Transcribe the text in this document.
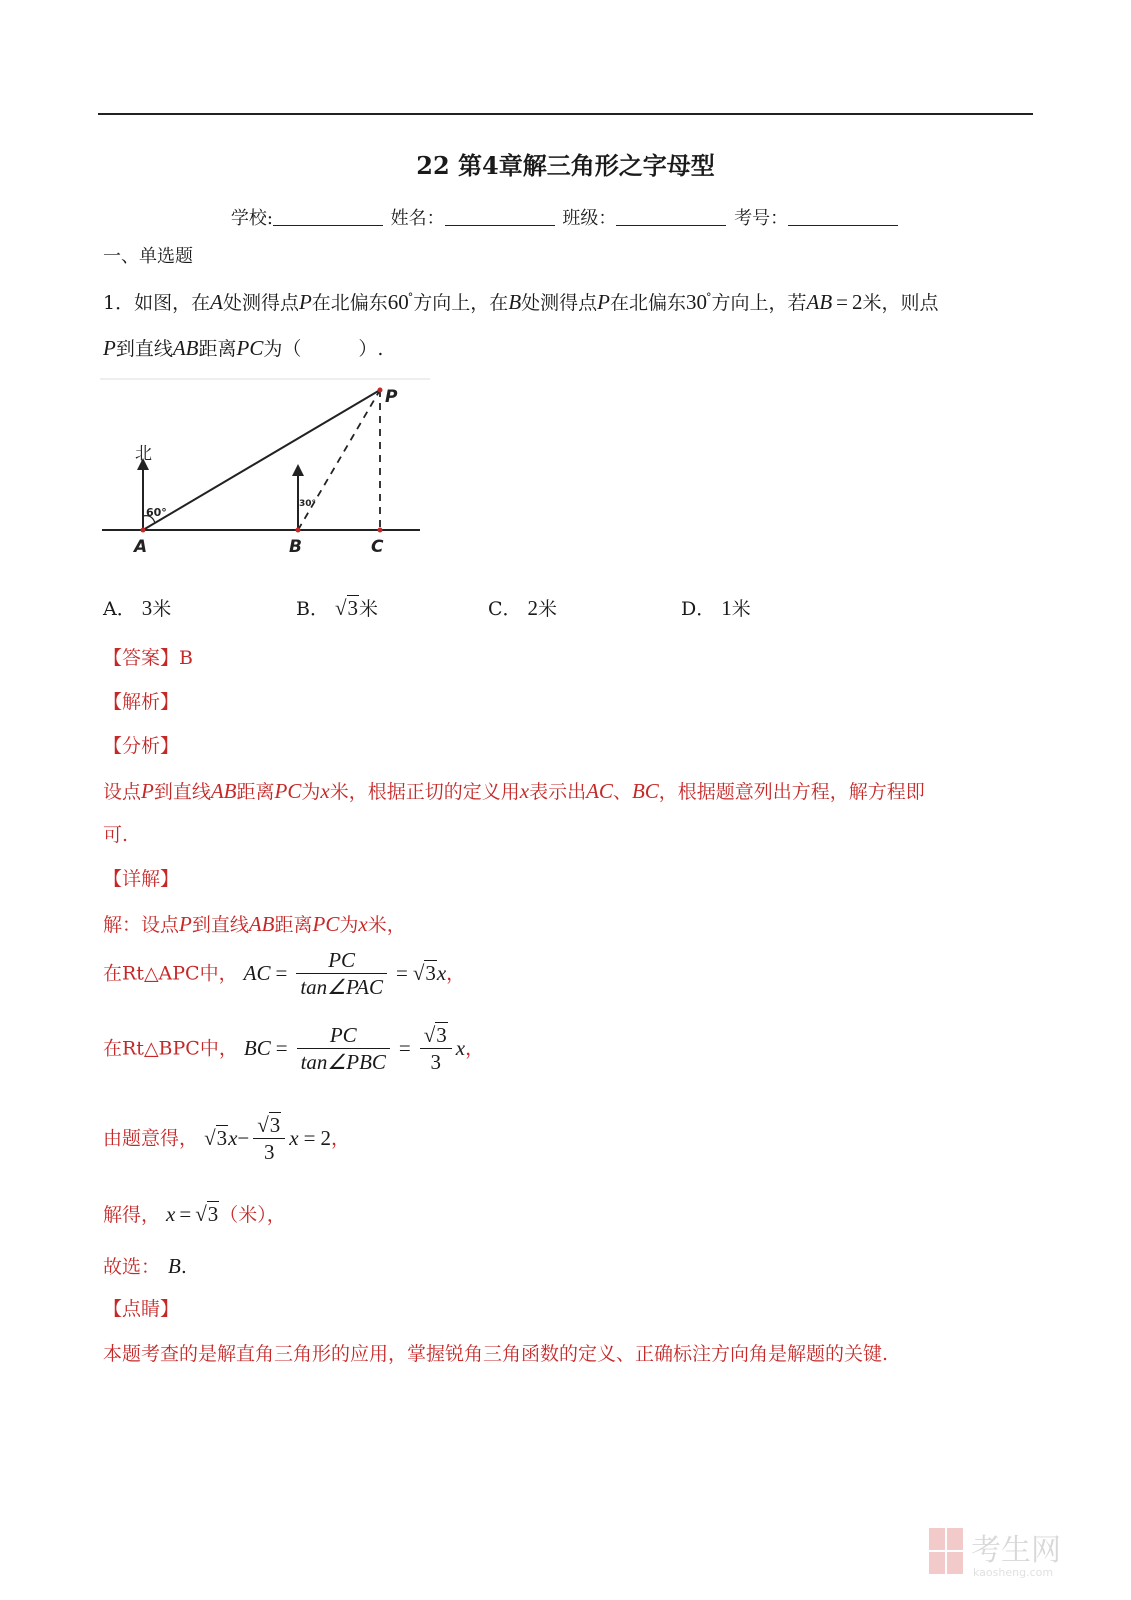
22 第4章解三角形之字母型
学校:	姓名：	班级：	考号：
一、单选题
1．如图，在A处测得点P在北偏东60°方向上，在B处测得点P在北偏东30°方向上，若AB = 2米，则点
P到直线AB距离PC为（　　　）.
北
60°
30°
A	B	C
P
A． 3米	B． √3米	C． 2米	D． 1米
【答案】B
【解析】
【分析】
设点P到直线AB距离PC为x米，根据正切的定义用x表示出AC、BC，根据题意列出方程，解方程即
可.
【详解】
解：设点P到直线AB距离PC为x米，
在Rt△APC中， AC = $\frac{PC}{\text{tan∠PAC}} = √3x$，
在Rt△BPC中， BC = $\frac{PC}{\text{tan∠PBC}} = \frac{√3}{3}$ x，
由题意得， $√3x- \frac{√3}{3}$ x = 2，
解得， x = √3（米），
故选： B.
【点睛】
本题考查的是解直角三角形的应用，掌握锐角三角函数的定义、正确标注方向角是解题的关键.
考生网
kaosheng.com
